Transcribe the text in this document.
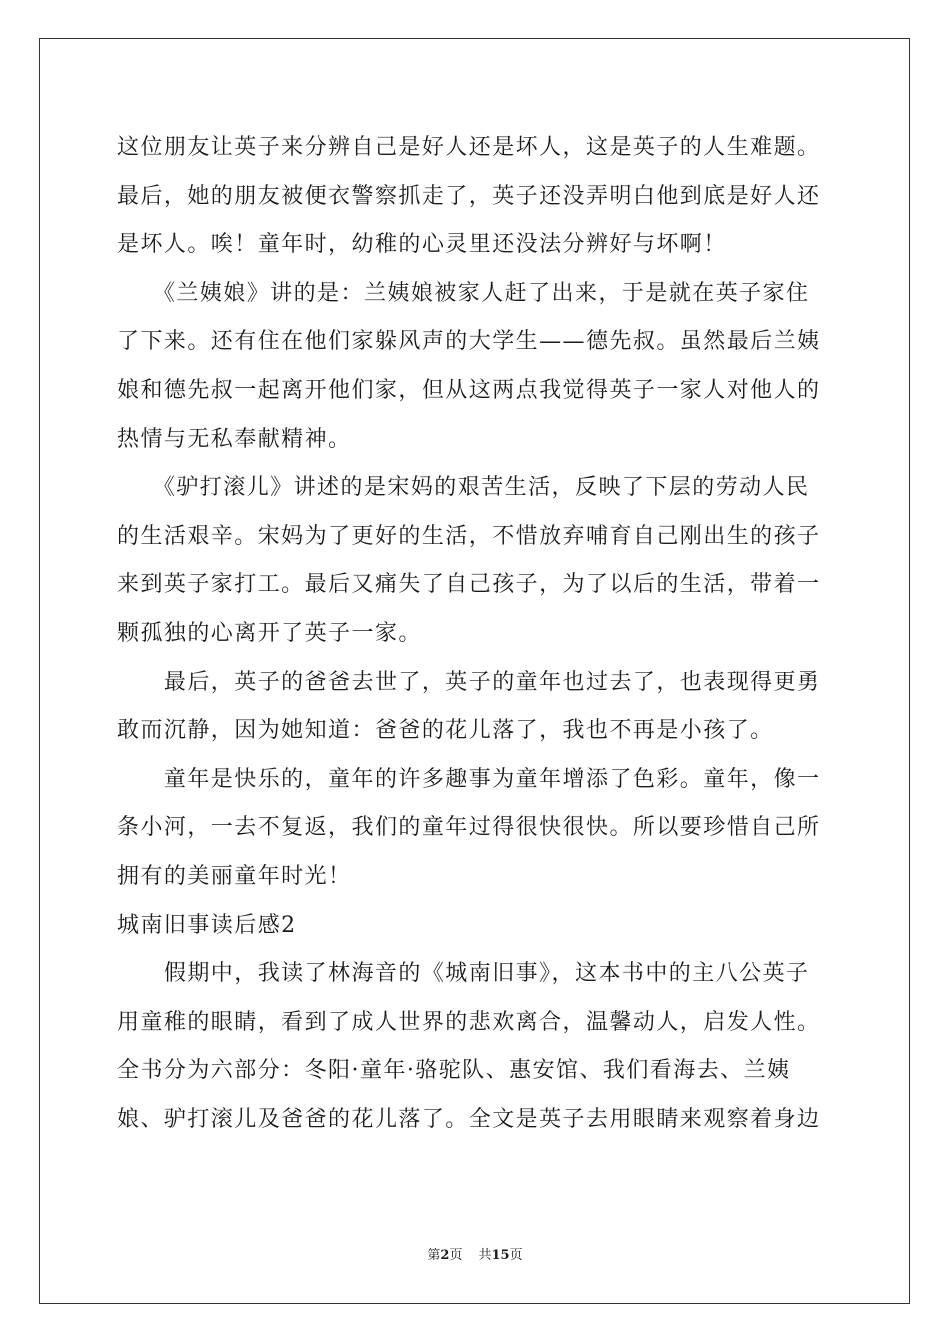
这位朋友让英子来分辨自己是好人还是坏人，这是英子的人生难题。
最后，她的朋友被便衣警察抓走了，英子还没弄明白他到底是好人还
是坏人。唉！童年时，幼稚的心灵里还没法分辨好与坏啊！
　　《兰姨娘》讲的是：兰姨娘被家人赶了出来，于是就在英子家住
了下来。还有住在他们家躲风声的大学生——德先叔。虽然最后兰姨
娘和德先叔一起离开他们家，但从这两点我觉得英子一家人对他人的
热情与无私奉献精神。
　　《驴打滚儿》讲述的是宋妈的艰苦生活，反映了下层的劳动人民
的生活艰辛。宋妈为了更好的生活，不惜放弃哺育自己刚出生的孩子
来到英子家打工。最后又痛失了自己孩子，为了以后的生活，带着一
颗孤独的心离开了英子一家。
　　最后，英子的爸爸去世了，英子的童年也过去了，也表现得更勇
敢而沉静，因为她知道：爸爸的花儿落了，我也不再是小孩了。
　　童年是快乐的，童年的许多趣事为童年增添了色彩。童年，像一
条小河，一去不复返，我们的童年过得很快很快。所以要珍惜自己所
拥有的美丽童年时光！
城南旧事读后感2
　　假期中，我读了林海音的《城南旧事》，这本书中的主八公英子
用童稚的眼睛，看到了成人世界的悲欢离合，温馨动人，启发人性。
全书分为六部分：冬阳·童年·骆驼队、惠安馆、我们看海去、兰姨
娘、驴打滚儿及爸爸的花儿落了。全文是英子去用眼睛来观察着身边
第2页 共15页
